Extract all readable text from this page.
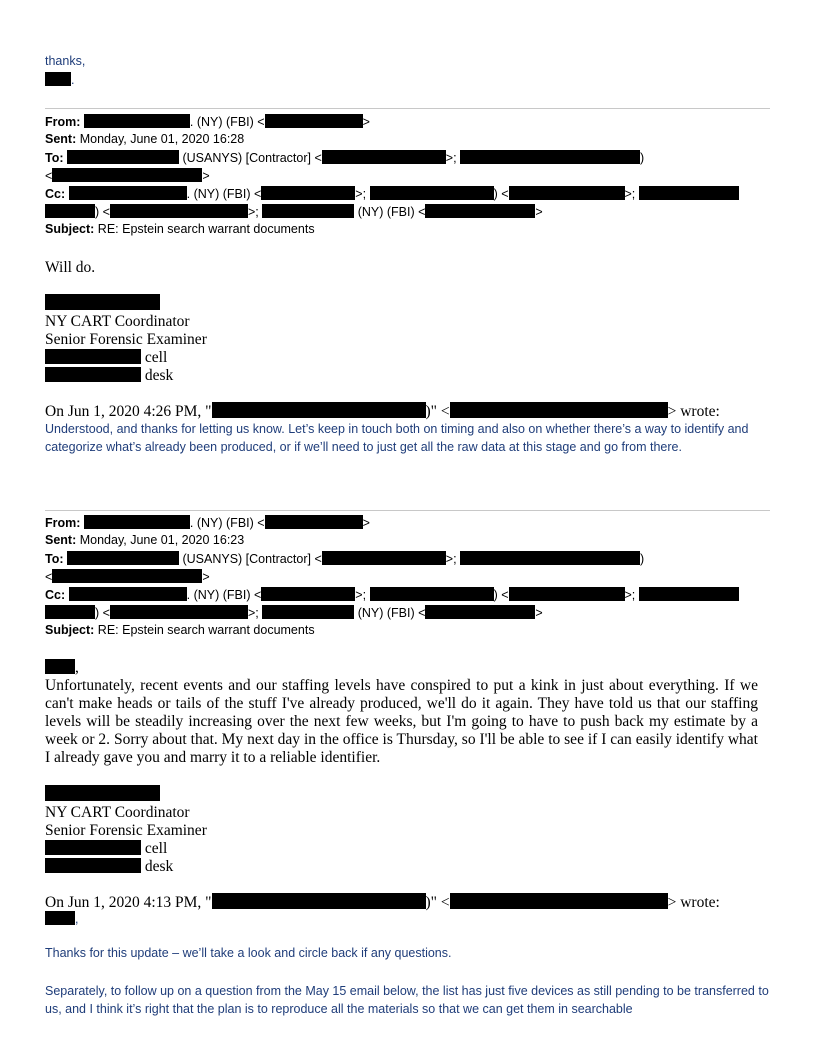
thanks,
.
From:	. (NY) (FBI) <	>
Sent: Monday, June 01, 2020 16:28
To:	(USANYS) [Contractor] <	>;	)
<	>
Cc:	. (NY) (FBI) <	>;	) <	>;
) <	>;	(NY) (FBI) <	>
Subject: RE: Epstein search warrant documents
Will do.
NY CART Coordinator
Senior Forensic Examiner
cell
desk
On Jun 1, 2020 4:26 PM, "	)" <	> wrote:
Understood, and thanks for letting us know. Let’s keep in touch both on timing and also on whether there’s a way to identify and categorize what’s already been produced, or if we’ll need to just get all the raw data at this stage and go from there.
From:	. (NY) (FBI) <	>
Sent: Monday, June 01, 2020 16:23
To:	(USANYS) [Contractor] <	>;	)
<	>
Cc:	. (NY) (FBI) <	>;	) <	>;
) <	>;	(NY) (FBI) <	>
Subject: RE: Epstein search warrant documents
,
Unfortunately, recent events and our staffing levels have conspired to put a kink in just about everything. If we can't make heads or tails of the stuff I've already produced, we'll do it again. They have told us that our staffing levels will be steadily increasing over the next few weeks, but I'm going to have to push back my estimate by a week or 2. Sorry about that. My next day in the office is Thursday, so I'll be able to see if I can easily identify what I already gave you and marry it to a reliable identifier.
NY CART Coordinator
Senior Forensic Examiner
cell
desk
On Jun 1, 2020 4:13 PM, "	)" <	> wrote:
,
Thanks for this update – we’ll take a look and circle back if any questions.
Separately, to follow up on a question from the May 15 email below, the list has just five devices as still pending to be transferred to us, and I think it’s right that the plan is to reproduce all the materials so that we can get them in searchable
